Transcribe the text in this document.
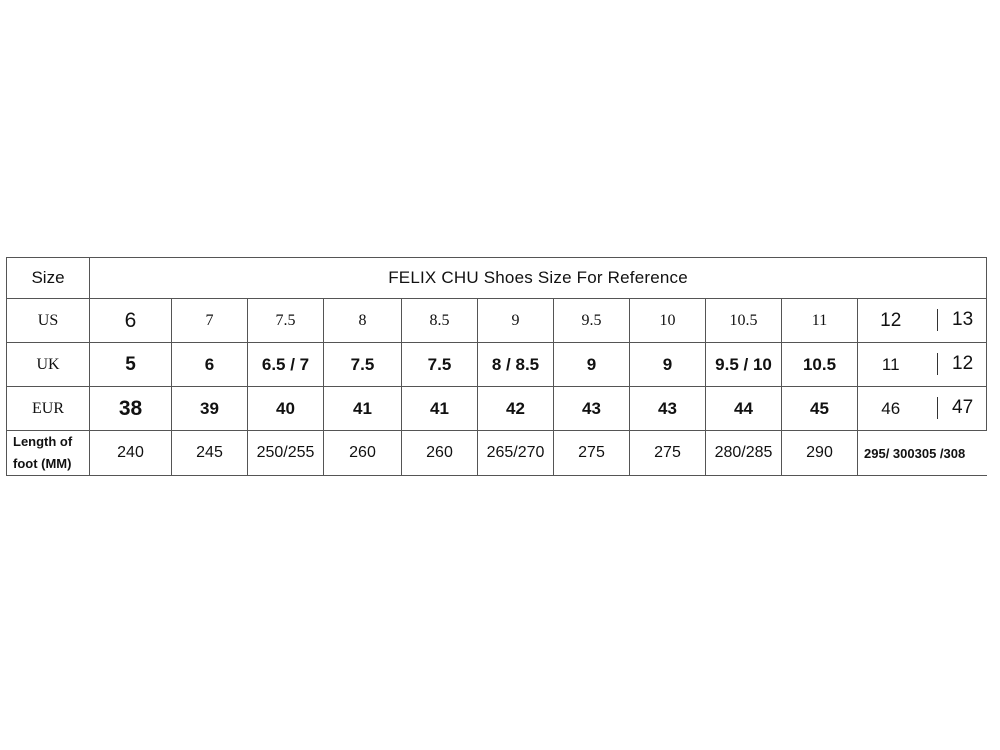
Size	FELIX CHU Shoes Size For Reference											
US	6	7	7.5	8	8.5	9	9.5	10	10.5	11	12	13
UK	5	6	6.5 / 7	7.5	7.5	8 / 8.5	9	9	9.5 / 10	10.5	11	12
EUR	38	39	40	41	41	42	43	43	44	45	46	47
Length of foot (MM)	240	245	250/255	260	260	265/270	275	275	280/285	290	295/ 300305 /308	
